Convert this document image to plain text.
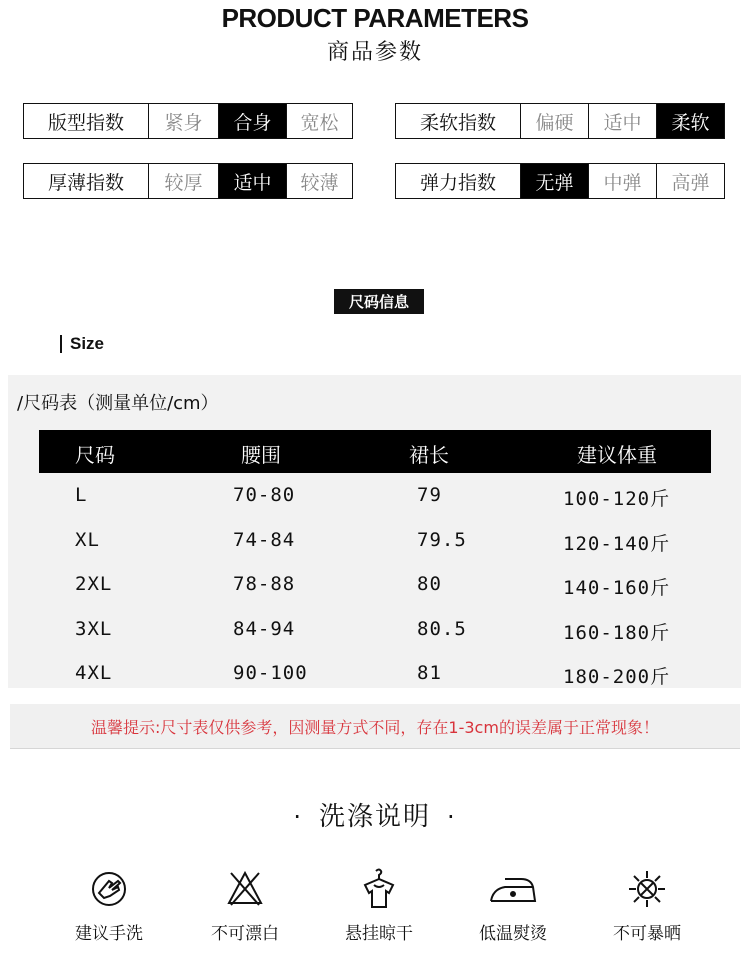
PRODUCT PARAMETERS
商品参数
版型指数	紧身	合身	宽松	柔软指数	偏硬	适中	柔软
厚薄指数	较厚	适中	较薄	弹力指数	无弹	中弹	高弹
尺码信息
Size
/尺码表（测量单位/cm）
尺码	腰围	裙长	建议体重
L	70-80	79	100-120斤
XL	74-84	79.5	120-140斤
2XL	78-88	80	140-160斤
3XL	84-94	80.5	160-180斤
4XL	90-100	81	180-200斤
温馨提示:尺寸表仅供参考，因测量方式不同，存在1-3cm的误差属于正常现象！
· 洗涤说明 ·
建议手洗	不可漂白	悬挂晾干	低温熨烫	不可暴晒
